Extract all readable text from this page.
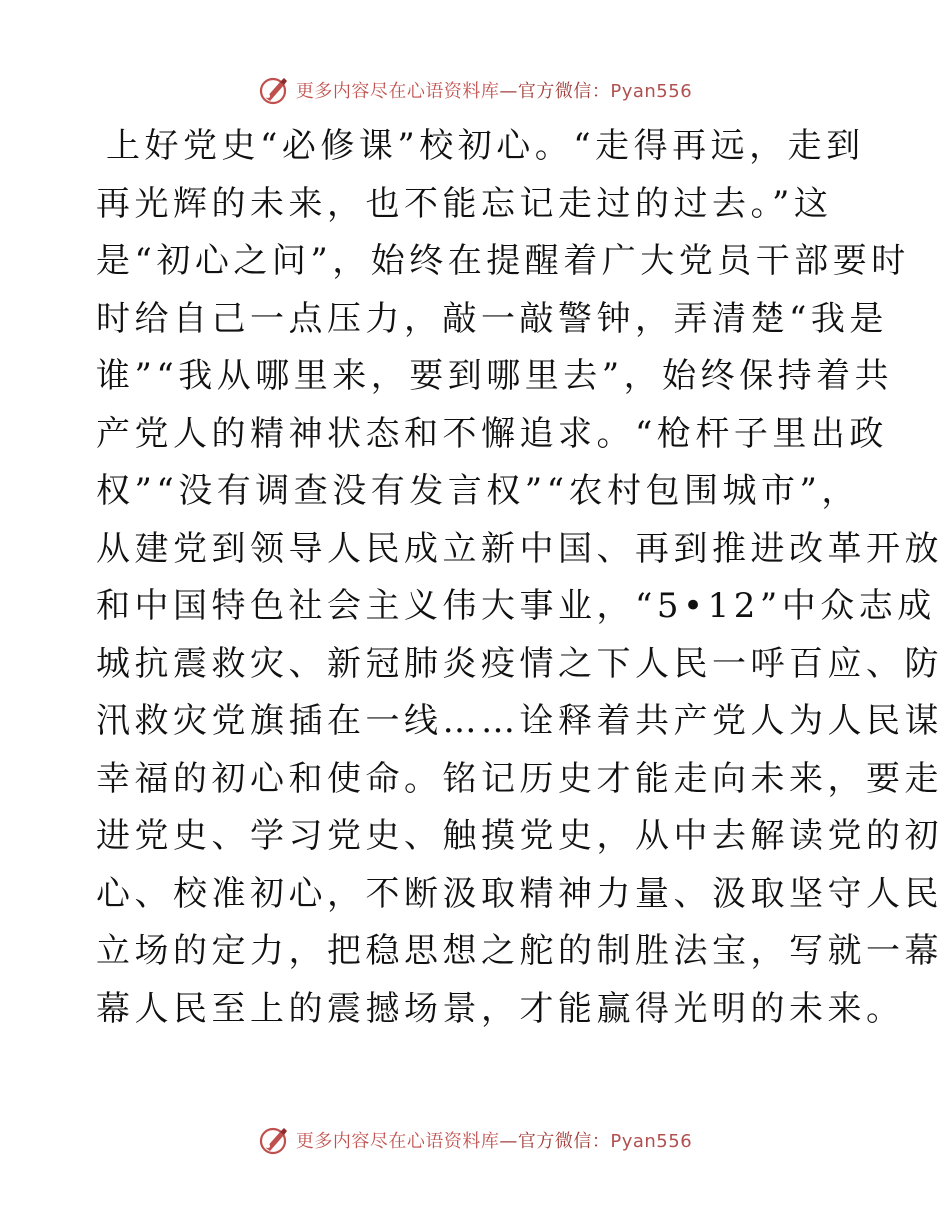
更多内容尽在心语资料库—官方微信：Pyan556
上好党史“必修课”校初心。“走得再远，走到
再光辉的未来，也不能忘记走过的过去。”这
是“初心之问”，始终在提醒着广大党员干部要时
时给自己一点压力，敲一敲警钟，弄清楚“我是
谁”“我从哪里来，要到哪里去”，始终保持着共
产党人的精神状态和不懈追求。“枪杆子里出政
权”“没有调查没有发言权”“农村包围城市”，
从建党到领导人民成立新中国、再到推进改革开放
和中国特色社会主义伟大事业，“5•12”中众志成
城抗震救灾、新冠肺炎疫情之下人民一呼百应、防
汛救灾党旗插在一线……诠释着共产党人为人民谋
幸福的初心和使命。铭记历史才能走向未来，要走
进党史、学习党史、触摸党史，从中去解读党的初
心、校准初心，不断汲取精神力量、汲取坚守人民
立场的定力，把稳思想之舵的制胜法宝，写就一幕
幕人民至上的震撼场景，才能赢得光明的未来。
更多内容尽在心语资料库—官方微信：Pyan556
